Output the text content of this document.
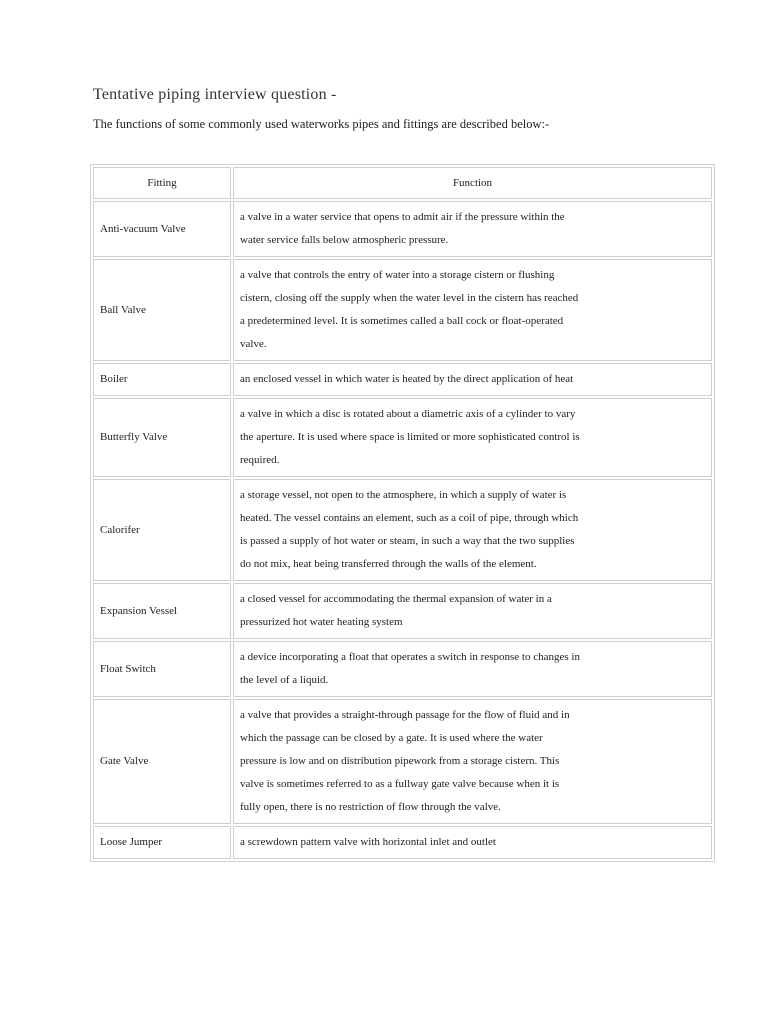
Tentative piping interview question -
The functions of some commonly used waterworks pipes and fittings are described below:-
Fitting	Function
Anti-vacuum Valve	a valve in a water service that opens to admit air if the pressure within the water service falls below atmospheric pressure.

Ball Valve	a valve that controls the entry of water into a storage cistern or flushing cistern, closing off the supply when the water level in the cistern has reached a predetermined level. It is sometimes called a ball cock or float-operated valve.

Boiler	an enclosed vessel in which water is heated by the direct application of heat

Butterfly Valve	a valve in which a disc is rotated about a diametric axis of a cylinder to vary the aperture. It is used where space is limited or more sophisticated control is required.

Calorifer	a storage vessel, not open to the atmosphere, in which a supply of water is heated. The vessel contains an element, such as a coil of pipe, through which is passed a supply of hot water or steam, in such a way that the two supplies do not mix, heat being transferred through the walls of the element.

Expansion Vessel	a closed vessel for accommodating the thermal expansion of water in a pressurized hot water heating system

Float Switch	a device incorporating a float that operates a switch in response to changes in the level of a liquid.

Gate Valve	a valve that provides a straight-through passage for the flow of fluid and in which the passage can be closed by a gate. It is used where the water pressure is low and on distribution pipework from a storage cistern. This valve is sometimes referred to as a fullway gate valve because when it is fully open, there is no restriction of flow through the valve.

Loose Jumper	a screwdown pattern valve with horizontal inlet and outlet
